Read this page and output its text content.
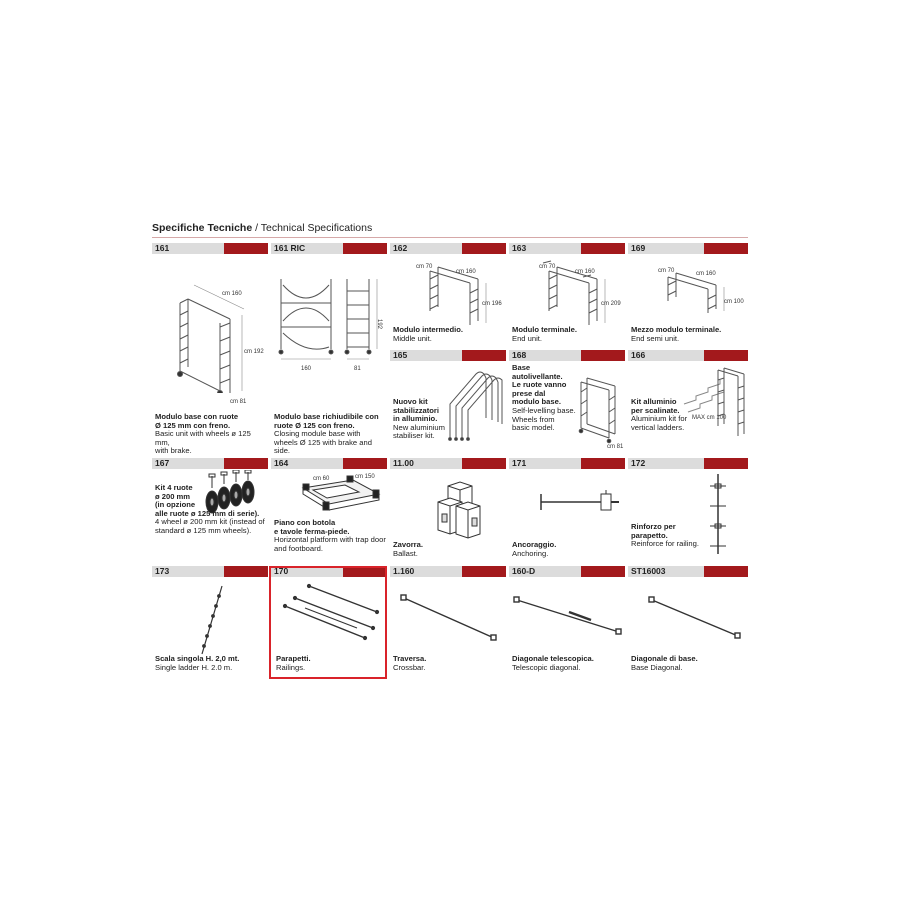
Specifiche Tecniche / Technical Specifications
161
cm 160
cm 192
cm 81
Modulo base con ruote
Ø 125 mm con freno.
Basic unit with wheels ø 125 mm,
with brake.
161 RIC
160	81
192
Modulo base richiudibile con
ruote Ø 125 con freno.
Closing module base with
wheels Ø 125 with brake and side.
162
cm 70
cm 160
cm 196
Modulo intermedio.
Middle unit.
163
cm 70
cm 160
cm 209
Modulo terminale.
End unit.
169
cm 70	cm 160
cm 100
Mezzo modulo terminale.
End semi unit.
165
Nuovo kit
stabilizzatori
in alluminio.
New aluminium
stabiliser kit.
168
cm 81
Base
autolivellante.
Le ruote vanno
prese dal
modulo base.
Self-levelling base.
Wheels from
basic model.
166
MAX cm 100
Kit alluminio
per scalinate.
Aluminium kit for
vertical ladders.
167
Kit 4 ruote
ø 200 mm
(in opzione
alle ruote ø 125 mm di serie).
4 wheel ø 200 mm kit (instead of
standard ø 125 mm wheels).
164
cm 60	cm 150
Piano con botola
e tavole ferma-piede.
Horizontal platform with trap door
and footboard.
11.00
Zavorra.
Ballast.
171
Ancoraggio.
Anchoring.
172
Rinforzo per
parapetto.
Reinforce for railing.
173
Scala singola H. 2,0 mt.
Single ladder H. 2.0 m.
170
Parapetti.
Railings.
1.160
Traversa.
Crossbar.
160-D
Diagonale telescopica.
Telescopic diagonal.
ST16003
Diagonale di base.
Base Diagonal.
